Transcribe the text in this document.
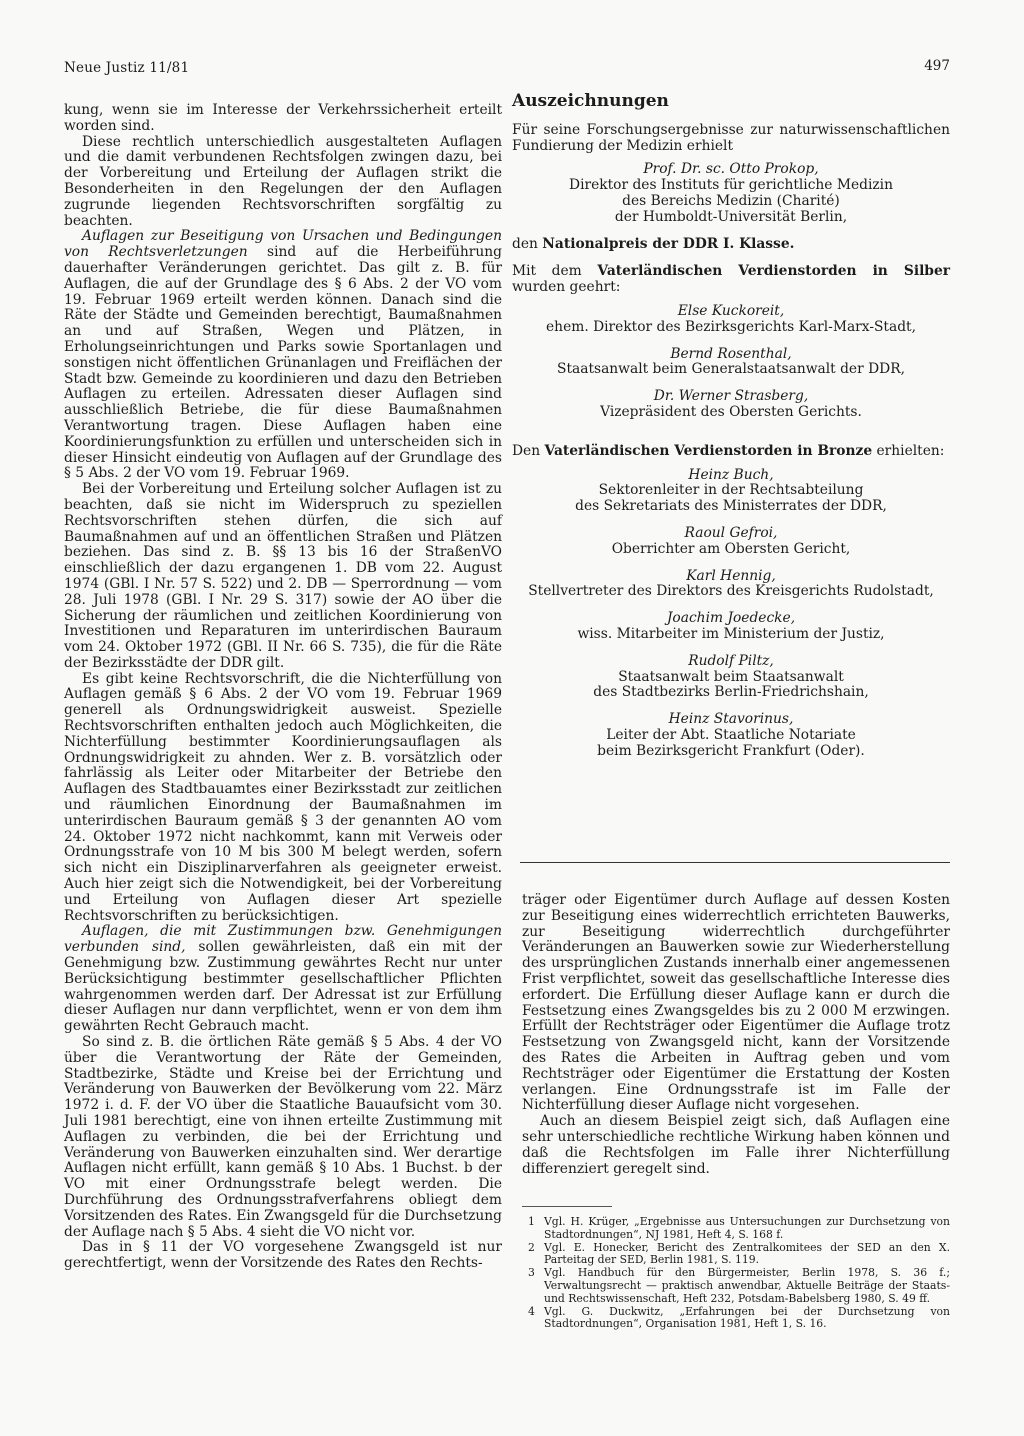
Neue Justiz 11/81	497

kung, wenn sie im Interesse der Verkehrssicherheit erteilt worden sind.

Diese rechtlich unterschiedlich ausgestalteten Auflagen und die damit verbundenen Rechtsfolgen zwingen dazu, bei der Vorbereitung und Erteilung der Auflagen strikt die Besonderheiten in den Regelungen der den Auflagen zugrunde liegenden Rechtsvorschriften sorgfältig zu beachten.

Auflagen zur Beseitigung von Ursachen und Bedingungen von Rechtsverletzungen sind auf die Herbeiführung dauerhafter Veränderungen gerichtet. Das gilt z. B. für Auflagen, die auf der Grundlage des § 6 Abs. 2 der VO vom 19. Februar 1969 erteilt werden können. Danach sind die Räte der Städte und Gemeinden berechtigt, Baumaßnahmen an und auf Straßen, Wegen und Plätzen, in Erholungseinrichtungen und Parks sowie Sportanlagen und sonstigen nicht öffentlichen Grünanlagen und Freiflächen der Stadt bzw. Gemeinde zu koordinieren und dazu den Betrieben Auflagen zu erteilen. Adressaten dieser Auflagen sind ausschließlich Betriebe, die für diese Baumaßnahmen Verantwortung tragen. Diese Auflagen haben eine Koordinierungsfunktion zu erfüllen und unterscheiden sich in dieser Hinsicht eindeutig von Auflagen auf der Grundlage des § 5 Abs. 2 der VO vom 19. Februar 1969.

Bei der Vorbereitung und Erteilung solcher Auflagen ist zu beachten, daß sie nicht im Widerspruch zu speziellen Rechtsvorschriften stehen dürfen, die sich auf Baumaßnahmen auf und an öffentlichen Straßen und Plätzen beziehen. Das sind z. B. §§ 13 bis 16 der StraßenVO einschließlich der dazu ergangenen 1. DB vom 22. August 1974 (GBl. I Nr. 57 S. 522) und 2. DB — Sperrordnung — vom 28. Juli 1978 (GBl. I Nr. 29 S. 317) sowie der AO über die Sicherung der räumlichen und zeitlichen Koordinierung von Investitionen und Reparaturen im unterirdischen Bauraum vom 24. Oktober 1972 (GBl. II Nr. 66 S. 735), die für die Räte der Bezirksstädte der DDR gilt.

Es gibt keine Rechtsvorschrift, die die Nichterfüllung von Auflagen gemäß § 6 Abs. 2 der VO vom 19. Februar 1969 generell als Ordnungswidrigkeit ausweist. Spezielle Rechtsvorschriften enthalten jedoch auch Möglichkeiten, die Nichterfüllung bestimmter Koordinierungsauflagen als Ordnungswidrigkeit zu ahnden. Wer z. B. vorsätzlich oder fahrlässig als Leiter oder Mitarbeiter der Betriebe den Auflagen des Stadtbauamtes einer Bezirksstadt zur zeitlichen und räumlichen Einordnung der Baumaßnahmen im unterirdischen Bauraum gemäß § 3 der genannten AO vom 24. Oktober 1972 nicht nachkommt, kann mit Verweis oder Ordnungsstrafe von 10 M bis 300 M belegt werden, sofern sich nicht ein Disziplinarverfahren als geeigneter erweist. Auch hier zeigt sich die Notwendigkeit, bei der Vorbereitung und Erteilung von Auflagen dieser Art spezielle Rechtsvorschriften zu berücksichtigen.

Auflagen, die mit Zustimmungen bzw. Genehmigungen verbunden sind, sollen gewährleisten, daß ein mit der Genehmigung bzw. Zustimmung gewährtes Recht nur unter Berücksichtigung bestimmter gesellschaftlicher Pflichten wahrgenommen werden darf. Der Adressat ist zur Erfüllung dieser Auflagen nur dann verpflichtet, wenn er von dem ihm gewährten Recht Gebrauch macht.

So sind z. B. die örtlichen Räte gemäß § 5 Abs. 4 der VO über die Verantwortung der Räte der Gemeinden, Stadtbezirke, Städte und Kreise bei der Errichtung und Veränderung von Bauwerken der Bevölkerung vom 22. März 1972 i. d. F. der VO über die Staatliche Bauaufsicht vom 30. Juli 1981 berechtigt, eine von ihnen erteilte Zustimmung mit Auflagen zu verbinden, die bei der Errichtung und Veränderung von Bauwerken einzuhalten sind. Wer derartige Auflagen nicht erfüllt, kann gemäß § 10 Abs. 1 Buchst. b der VO mit einer Ordnungsstrafe belegt werden. Die Durchführung des Ordnungsstrafverfahrens obliegt dem Vorsitzenden des Rates. Ein Zwangsgeld für die Durchsetzung der Auflage nach § 5 Abs. 4 sieht die VO nicht vor.

Das in § 11 der VO vorgesehene Zwangsgeld ist nur gerechtfertigt, wenn der Vorsitzende des Rates den Rechts-

Auszeichnungen

Für seine Forschungsergebnisse zur naturwissenschaftlichen Fundierung der Medizin erhielt

Prof. Dr. sc. Otto Prokop,
Direktor des Instituts für gerichtliche Medizin
des Bereichs Medizin (Charité)
der Humboldt-Universität Berlin,

den Nationalpreis der DDR I. Klasse.

Mit dem Vaterländischen Verdienstorden in Silber wurden geehrt:

Else Kuckoreit,
ehem. Direktor des Bezirksgerichts Karl-Marx-Stadt,
Bernd Rosenthal,
Staatsanwalt beim Generalstaatsanwalt der DDR,
Dr. Werner Strasberg,
Vizepräsident des Obersten Gerichts.

Den Vaterländischen Verdienstorden in Bronze erhielten:

Heinz Buch,
Sektorenleiter in der Rechtsabteilung
des Sekretariats des Ministerrates der DDR,
Raoul Gefroi,
Oberrichter am Obersten Gericht,
Karl Hennig,
Stellvertreter des Direktors des Kreisgerichts Rudolstadt,
Joachim Joedecke,
wiss. Mitarbeiter im Ministerium der Justiz,
Rudolf Piltz,
Staatsanwalt beim Staatsanwalt
des Stadtbezirks Berlin-Friedrichshain,
Heinz Stavorinus,
Leiter der Abt. Staatliche Notariate
beim Bezirksgericht Frankfurt (Oder).

träger oder Eigentümer durch Auflage auf dessen Kosten zur Beseitigung eines widerrechtlich errichteten Bauwerks, zur Beseitigung widerrechtlich durchgeführter Veränderungen an Bauwerken sowie zur Wiederherstellung des ursprünglichen Zustands innerhalb einer angemessenen Frist verpflichtet, soweit das gesellschaftliche Interesse dies erfordert. Die Erfüllung dieser Auflage kann er durch die Festsetzung eines Zwangsgeldes bis zu 2 000 M erzwingen. Erfüllt der Rechtsträger oder Eigentümer die Auflage trotz Festsetzung von Zwangsgeld nicht, kann der Vorsitzende des Rates die Arbeiten in Auftrag geben und vom Rechtsträger oder Eigentümer die Erstattung der Kosten verlangen. Eine Ordnungsstrafe ist im Falle der Nichterfüllung dieser Auflage nicht vorgesehen.

Auch an diesem Beispiel zeigt sich, daß Auflagen eine sehr unterschiedliche rechtliche Wirkung haben können und daß die Rechtsfolgen im Falle ihrer Nichterfüllung differenziert geregelt sind.

1 Vgl. H. Krüger, „Ergebnisse aus Untersuchungen zur Durchsetzung von Stadtordnungen“, NJ 1981, Heft 4, S. 168 f.
2 Vgl. E. Honecker, Bericht des Zentralkomitees der SED an den X. Parteitag der SED, Berlin 1981, S. 119.
3 Vgl. Handbuch für den Bürgermeister, Berlin 1978, S. 36 f.; Verwaltungsrecht — praktisch anwendbar, Aktuelle Beiträge der Staats- und Rechtswissenschaft, Heft 232, Potsdam-Babelsberg 1980, S. 49 ff.
4 Vgl. G. Duckwitz, „Erfahrungen bei der Durchsetzung von Stadtordnungen“, Organisation 1981, Heft 1, S. 16.
